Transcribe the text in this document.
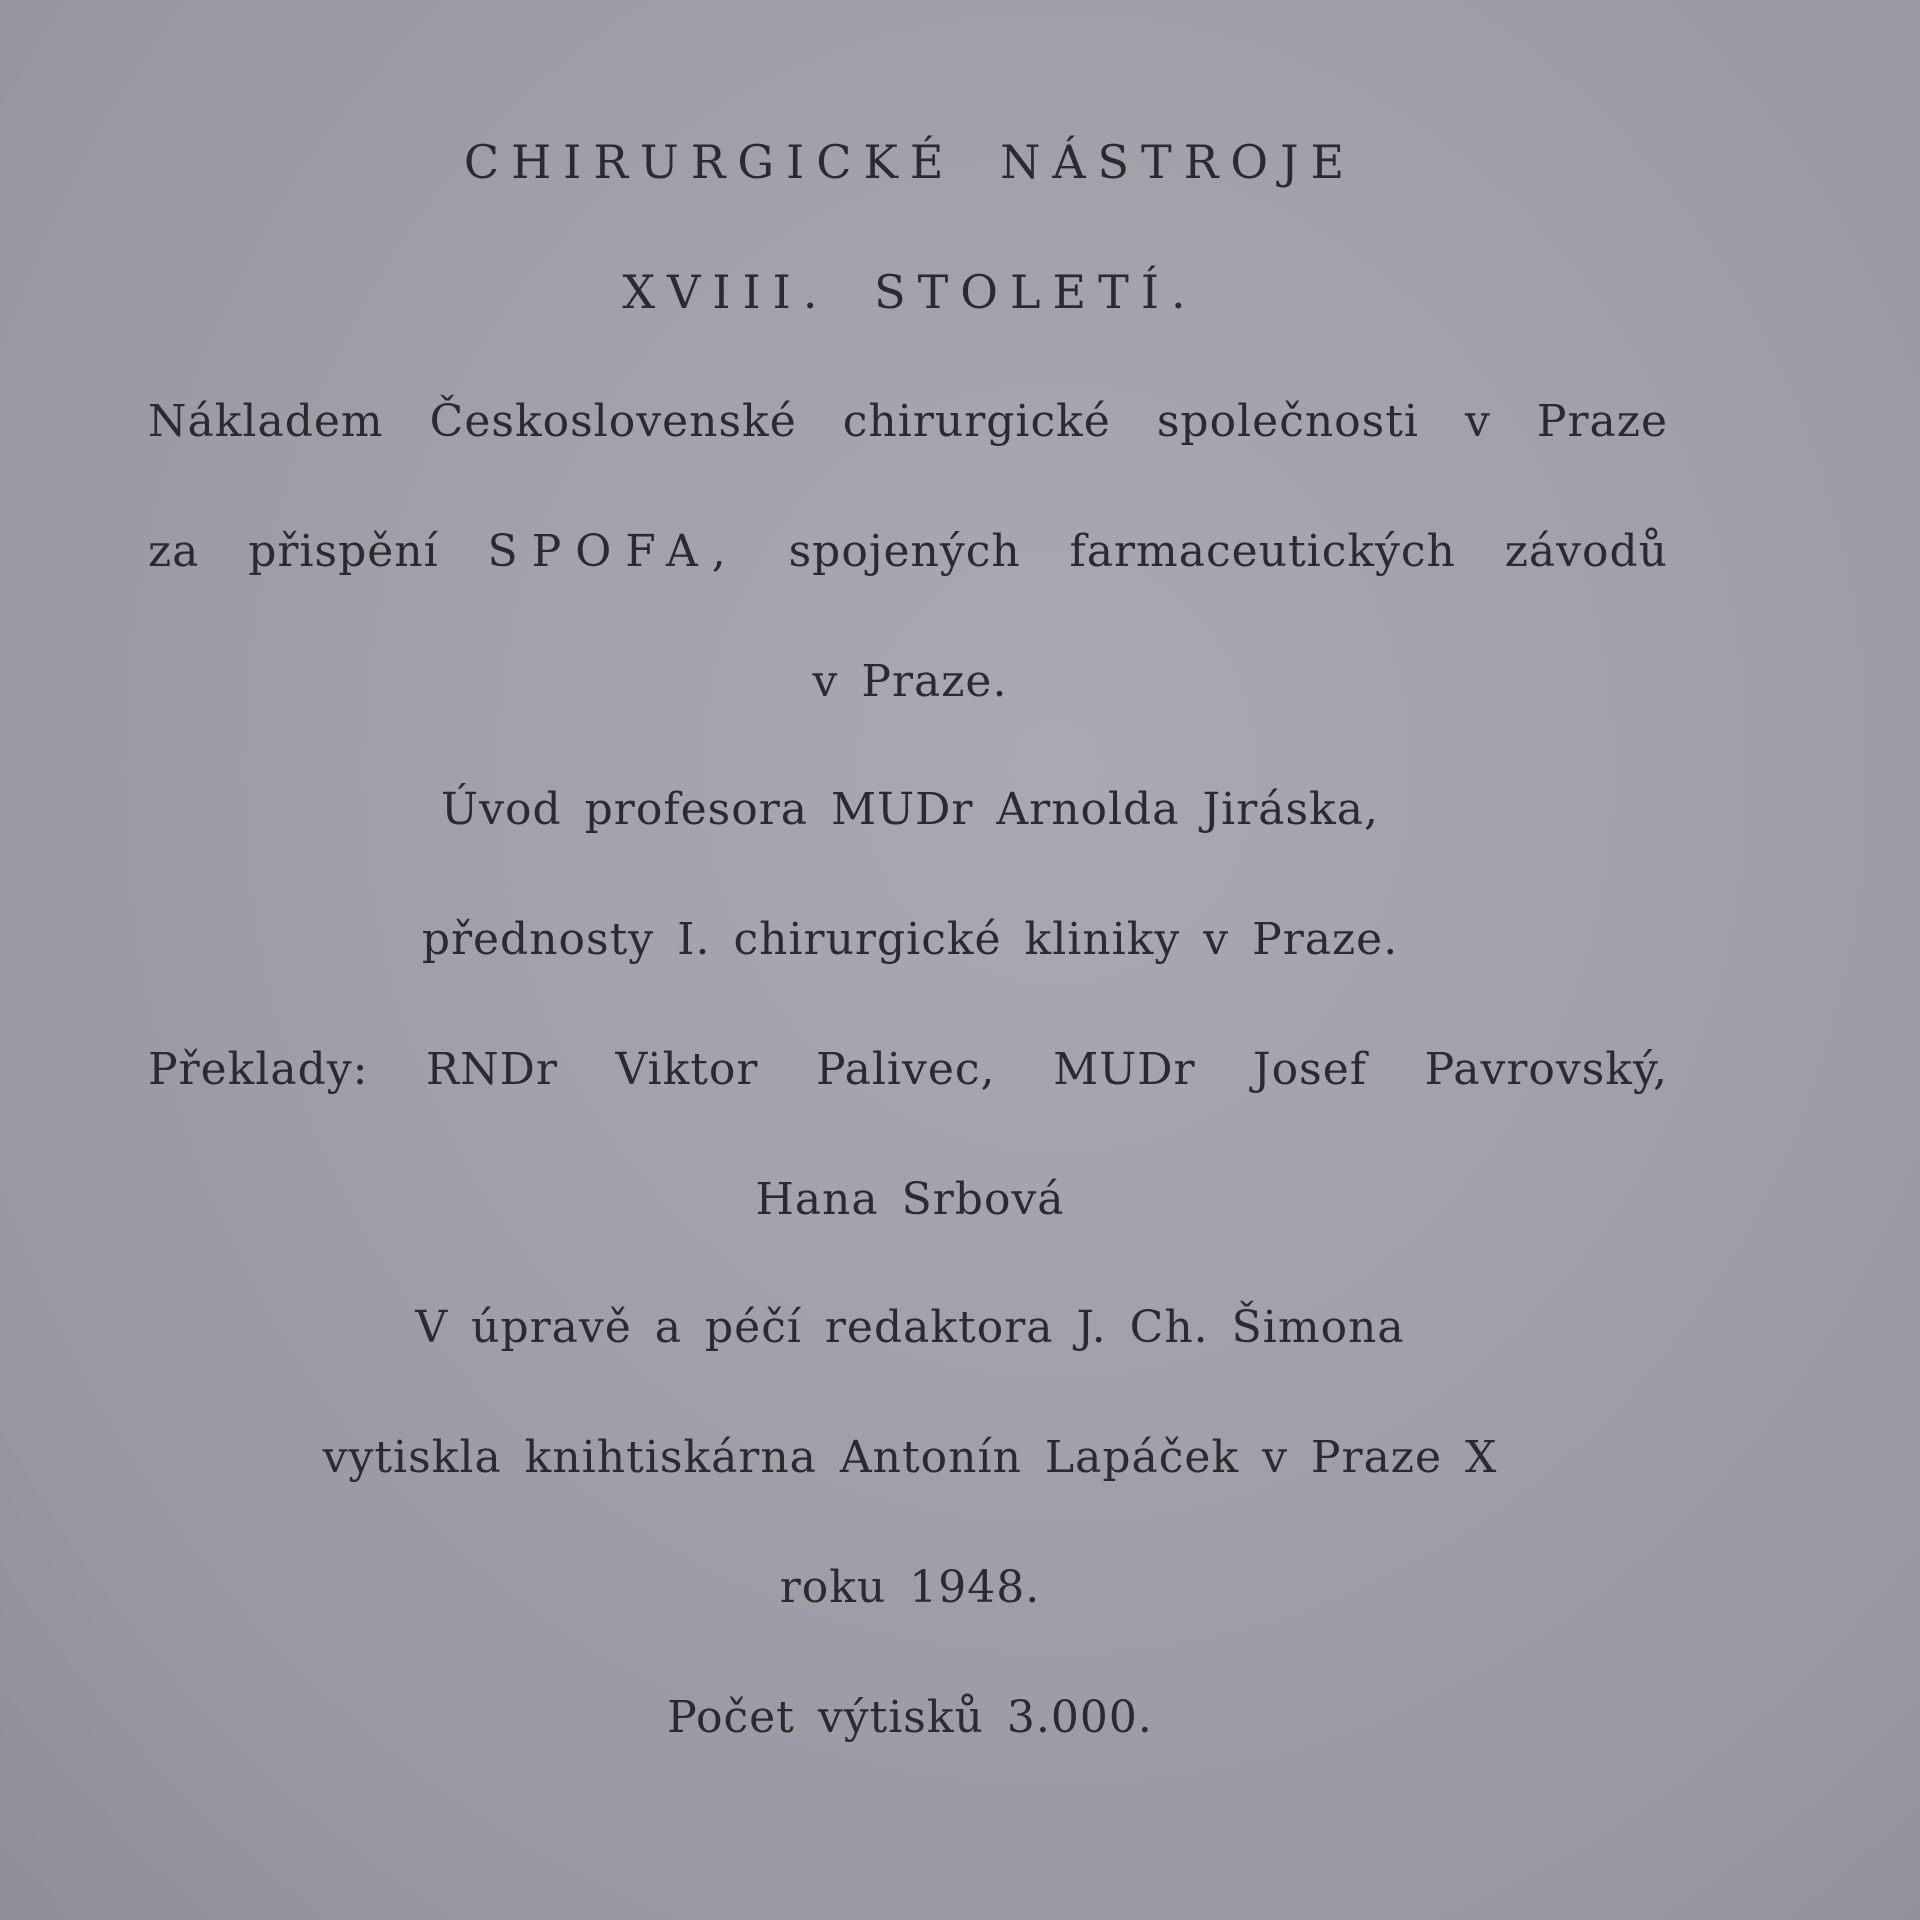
CHIRURGICKÉ NÁSTROJE
XVIII. STOLETÍ.
Nákladem Československé chirurgické společnosti v Praze
za přispění SPOFA, spojených farmaceutických závodů
v Praze.
Úvod profesora MUDr Arnolda Jiráska,
přednosty I. chirurgické kliniky v Praze.
Překlady: RNDr Viktor Palivec, MUDr Josef Pavrovský,
Hana Srbová
V úpravě a péčí redaktora J. Ch. Šimona
vytiskla knihtiskárna Antonín Lapáček v Praze X
roku 1948.
Počet výtisků 3.000.
